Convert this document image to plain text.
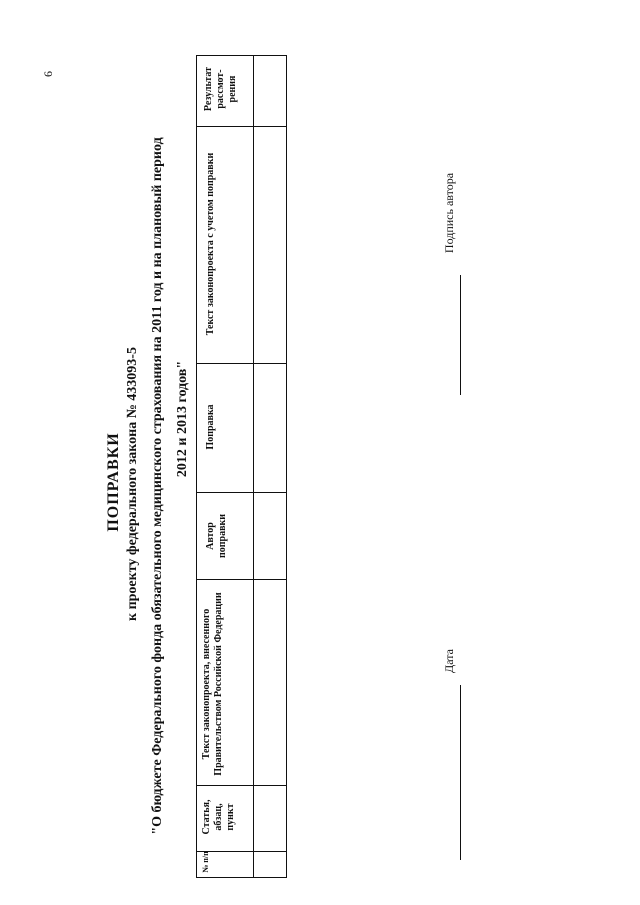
6
ПОПРАВКИ к проекту федерального закона № 433093-5 "О бюджете Федерального фонда обязательного медицинского страхования на 2011 год и на плановый период 2012 и 2013 годов"
Результат рассмот-рения
Текст законопроекта с учетом поправки
Поправка
Автор поправки
Текст законопроекта, внесенного Правительством Российской Федерации
Статья, абзац, пункт
№ п/п
Дата
Подпись автора
